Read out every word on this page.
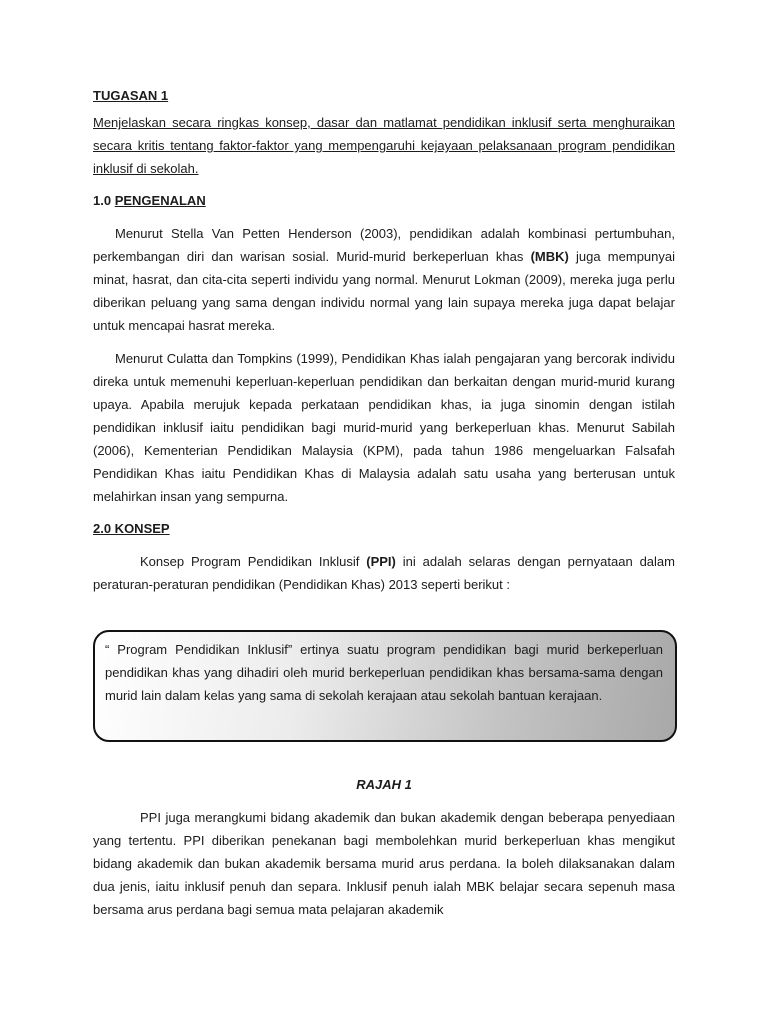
TUGASAN 1

Menjelaskan secara ringkas konsep, dasar dan matlamat pendidikan inklusif serta menghuraikan secara kritis tentang faktor-faktor yang mempengaruhi kejayaan pelaksanaan program pendidikan inklusif di sekolah.

1.0 PENGENALAN

Menurut Stella Van Petten Henderson (2003), pendidikan adalah kombinasi pertumbuhan, perkembangan diri dan warisan sosial. Murid-murid berkeperluan khas (MBK) juga mempunyai minat, hasrat, dan cita-cita seperti individu yang normal. Menurut Lokman (2009), mereka juga perlu diberikan peluang yang sama dengan individu normal yang lain supaya mereka juga dapat belajar untuk mencapai hasrat mereka.

Menurut Culatta dan Tompkins (1999), Pendidikan Khas ialah pengajaran yang bercorak individu direka untuk memenuhi keperluan-keperluan pendidikan dan berkaitan dengan murid-murid kurang upaya. Apabila merujuk kepada perkataan pendidikan khas, ia juga sinomin dengan istilah pendidikan inklusif iaitu pendidikan bagi murid-murid yang berkeperluan khas. Menurut Sabilah (2006), Kementerian Pendidikan Malaysia (KPM), pada tahun 1986 mengeluarkan Falsafah Pendidikan Khas iaitu Pendidikan Khas di Malaysia adalah satu usaha yang berterusan untuk melahirkan insan yang sempurna.

2.0 KONSEP

Konsep Program Pendidikan Inklusif (PPI) ini adalah selaras dengan pernyataan dalam peraturan-peraturan pendidikan (Pendidikan Khas) 2013 seperti berikut :

“ Program Pendidikan Inklusif” ertinya suatu program pendidikan bagi murid berkeperluan pendidikan khas yang dihadiri oleh murid berkeperluan pendidikan khas bersama-sama dengan murid lain dalam kelas yang sama di sekolah kerajaan atau sekolah bantuan kerajaan.

RAJAH 1

PPI juga merangkumi bidang akademik dan bukan akademik dengan beberapa penyediaan yang tertentu. PPI diberikan penekanan bagi membolehkan murid berkeperluan khas mengikut bidang akademik dan bukan akademik bersama murid arus perdana. Ia boleh dilaksanakan dalam dua jenis, iaitu inklusif penuh dan separa. Inklusif penuh ialah MBK belajar secara sepenuh masa bersama arus perdana bagi semua mata pelajaran akademik
